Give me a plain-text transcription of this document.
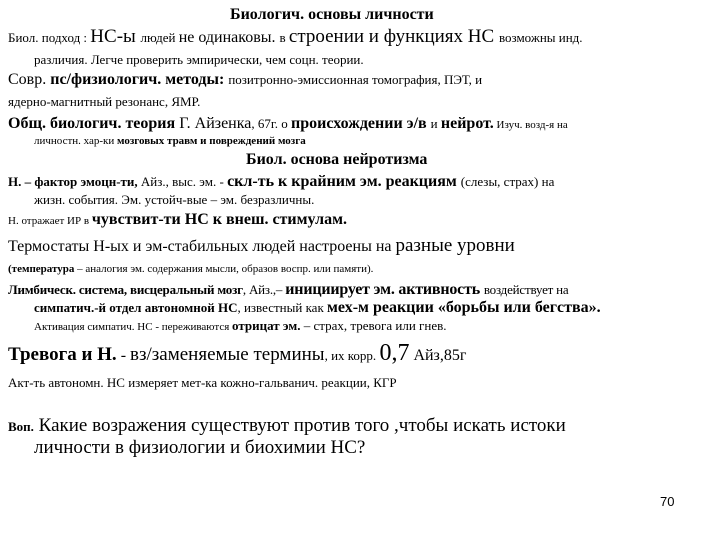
Биологич. основы личности
Биол. подход : НС-ы людей не одинаковы. в строении и функциях НС возможны инд.
различия. Легче проверить эмпирически, чем соцн. теории.
Совр. пс/физиологич. методы: позитронно-эмиссионная томография, ПЭТ, и
ядерно-магнитный резонанс, ЯМР.
Общ. биологич. теория Г. Айзенка, 67г. о происхождении э/в и нейрот. Изуч. возд-я на
личностн. хар-ки мозговых травм и повреждений мозга
Биол. основа нейротизма
Н. – фактор эмоцн-ти, Айз., выс. эм. - скл-ть к крайним эм. реакциям (слезы, страх) на
жизн. события. Эм. устойч-вые – эм. безразличны.
Н. отражает ИР в чувствит-ти НС к внеш. стимулам.
Термостаты Н-ых и эм-стабильных людей настроены на разные уровни
(температура – аналогия эм. содержания мысли, образов воспр. или памяти).
Лимбическ. система, висцеральный мозг, Айз.,– инициирует эм. активность воздействует на
симпатич.-й отдел автономной НС, известный как мех-м реакции «борьбы или бегства».
Активация симпатич. НС - переживаются отрицат эм. – страх, тревога или гнев.
Тревога и Н. - вз/заменяемые термины, их корр. 0,7 Айз,85г
Акт-ть автономн. НС измеряет мет-ка кожно-гальванич. реакции, КГР
Воп. Какие возражения существуют против того ,чтобы искать истоки
личности в физиологии и биохимии НС?
70
